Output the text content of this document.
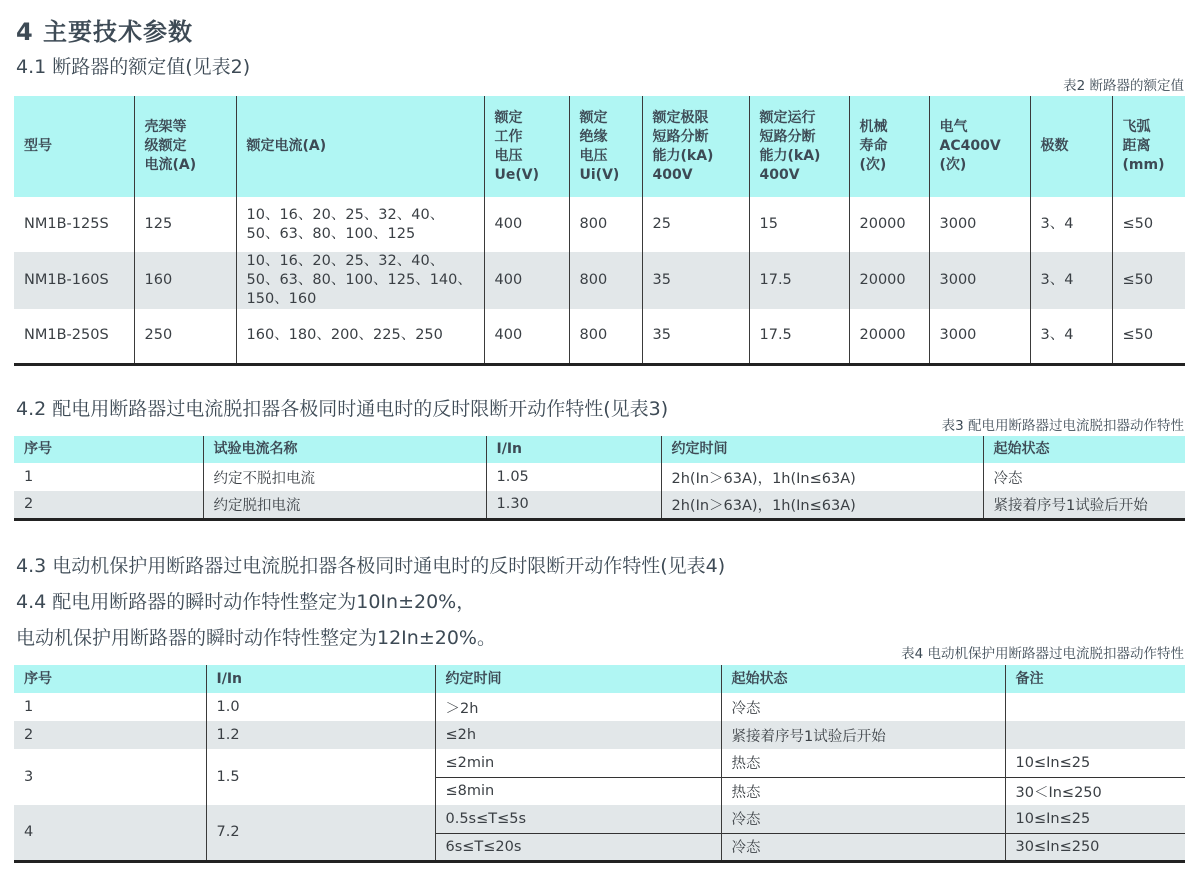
4 主要技术参数
4.1 断路器的额定值(见表2)
表2 断路器的额定值
型号	壳架等
级额定
电流(A)	额定电流(A)	额定
工作
电压
Ue(V)	额定
绝缘
电压
Ui(V)	额定极限
短路分断
能力(kA)
400V	额定运行
短路分断
能力(kA)
400V	机械
寿命
(次)	电气
AC400V
(次)	极数	飞弧
距离
(mm)
NM1B-125S	125	10、16、20、25、32、40、50、63、80、100、125	400	800	25	15	20000	3000	3、4	≤50
NM1B-160S	160	10、16、20、25、32、40、50、63、80、100、125、140、150、160	400	800	35	17.5	20000	3000	3、4	≤50
NM1B-250S	250	160、180、200、225、250	400	800	35	17.5	20000	3000	3、4	≤50
4.2 配电用断路器过电流脱扣器各极同时通电时的反时限断开动作特性(见表3)
表3 配电用断路器过电流脱扣器动作特性
序号	试验电流名称	I/In	约定时间	起始状态
1	约定不脱扣电流	1.05	2h(In＞63A)，1h(In≤63A)	冷态
2	约定脱扣电流	1.30	2h(In＞63A)，1h(In≤63A)	紧接着序号1试验后开始
4.3 电动机保护用断路器过电流脱扣器各极同时通电时的反时限断开动作特性(见表4)
4.4 配电用断路器的瞬时动作特性整定为10In±20%，
电动机保护用断路器的瞬时动作特性整定为12In±20%。
表4 电动机保护用断路器过电流脱扣器动作特性
序号	I/In	约定时间	起始状态	备注
1	1.0	＞2h	冷态	
2	1.2	≤2h	紧接着序号1试验后开始	
3	1.5	≤2min	热态	10≤In≤25
		≤8min	热态	30＜In≤250
4	7.2	0.5s≤T≤5s	冷态	10≤In≤25
		6s≤T≤20s	冷态	30≤In≤250
